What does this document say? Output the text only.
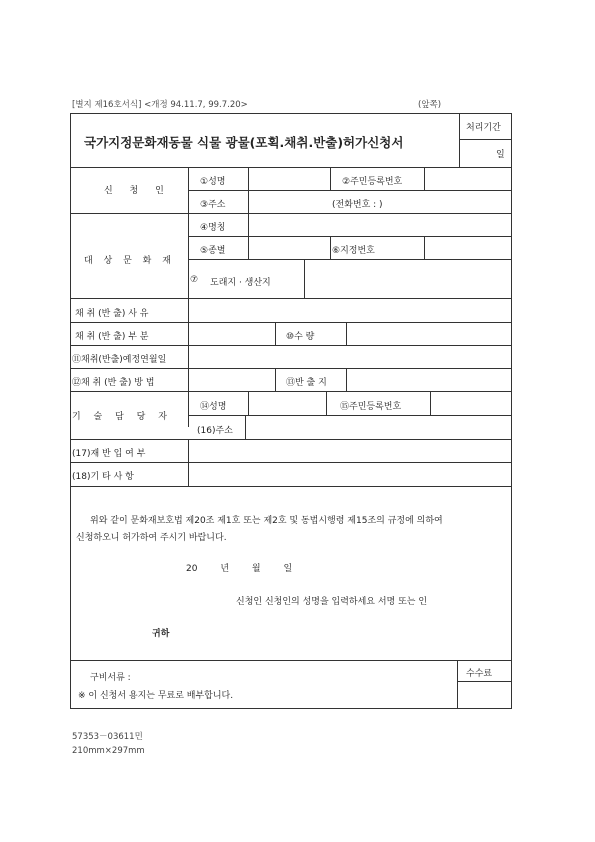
[별지 제16호서식] <개정 94.11.7, 99.7.20>	(앞쪽)
국가지정문화재동물 식물 광물(포획.채취.반출)허가신청서
처리기간
일
신 청 인
①성명	②주민등록번호
③주소	(전화번호 : )
대 상 문 화 재
④명칭
⑤종별	⑥지정번호
⑦ 도래지 · 생산지
채 취 (반 출) 사 유
채 취 (반 출) 부 분	⑩수 량
⑪채취(반출)예정연월일
⑫채 취 (반 출) 방 법	⑬반 출 지
기 술 담 당 자
⑭성명	⑮주민등록번호
(16)주소
(17)재 반 입 여 부
(18)기 타 사 항
위와 같이 문화재보호법 제20조 제1호 또는 제2호 및 동법시행령 제15조의 규정에 의하여
신청하오니 허가하여 주시기 바랍니다.
20        년        월        일
신청인 신청인의 성명을 입력하세요 서명 또는 인
귀하
구비서류 :
※ 이 신청서 용지는 무료로 배부합니다.
수수료
57353－03611민
210mm×297mm
